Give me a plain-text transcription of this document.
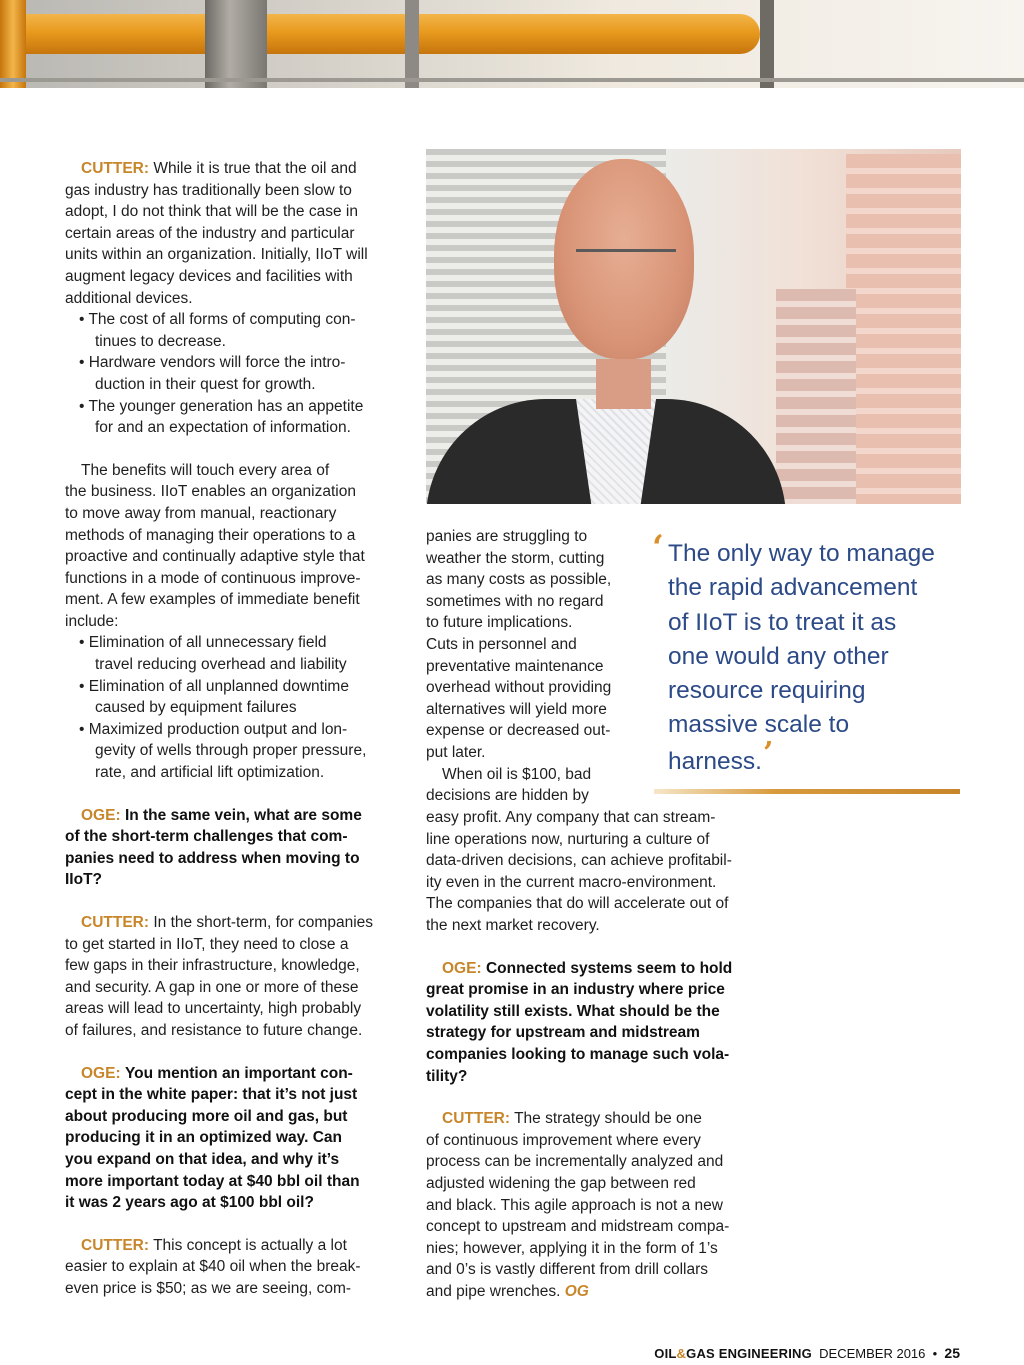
CUTTER: While it is true that the oil and
gas industry has traditionally been slow to
adopt, I do not think that will be the case in
certain areas of the industry and particular
units within an organization. Initially, IIoT will
augment legacy devices and facilities with
additional devices.

• The cost of all forms of computing con-
tinues to decrease.
• Hardware vendors will force the intro-
duction in their quest for growth.
• The younger generation has an appetite
for and an expectation of information.

The benefits will touch every area of
the business. IIoT enables an organization
to move away from manual, reactionary
methods of managing their operations to a
proactive and continually adaptive style that
functions in a mode of continuous improve-
ment. A few examples of immediate benefit
include:

• Elimination of all unnecessary field
travel reducing overhead and liability
• Elimination of all unplanned downtime
caused by equipment failures
• Maximized production output and lon-
gevity of wells through proper pressure,
rate, and artificial lift optimization.

OGE: In the same vein, what are some
of the short-term challenges that com-
panies need to address when moving to
IIoT?

CUTTER: In the short-term, for companies
to get started in IIoT, they need to close a
few gaps in their infrastructure, knowledge,
and security. A gap in one or more of these
areas will lead to uncertainty, high probably
of failures, and resistance to future change.

OGE: You mention an important con-
cept in the white paper: that it’s not just
about producing more oil and gas, but
producing it in an optimized way. Can
you expand on that idea, and why it’s
more important today at $40 bbl oil than
it was 2 years ago at $100 bbl oil?

CUTTER: This concept is actually a lot
easier to explain at $40 oil when the break-
even price is $50; as we are seeing, com-

panies are struggling to
weather the storm, cutting
as many costs as possible,
sometimes with no regard
to future implications.
Cuts in personnel and
preventative maintenance
overhead without providing
alternatives will yield more
expense or decreased out-
put later.
When oil is $100, bad
decisions are hidden by

easy profit. Any company that can stream-
line operations now, nurturing a culture of
data-driven decisions, can achieve profitabil-
ity even in the current macro-environment.
The companies that do will accelerate out of
the next market recovery.

OGE: Connected systems seem to hold
great promise in an industry where price
volatility still exists. What should be the
strategy for upstream and midstream
companies looking to manage such vola-
tility?

CUTTER: The strategy should be one
of continuous improvement where every
process can be incrementally analyzed and
adjusted widening the gap between red
and black. This agile approach is not a new
concept to upstream and midstream compa-
nies; however, applying it in the form of 1’s
and 0’s is vastly different from drill collars
and pipe wrenches. OG

‘ The only way to manage
the rapid advancement
of IIoT is to treat it as
one would any other
resource requiring
massive scale to
harness.’
OIL&GAS ENGINEERING DECEMBER 2016 • 25
